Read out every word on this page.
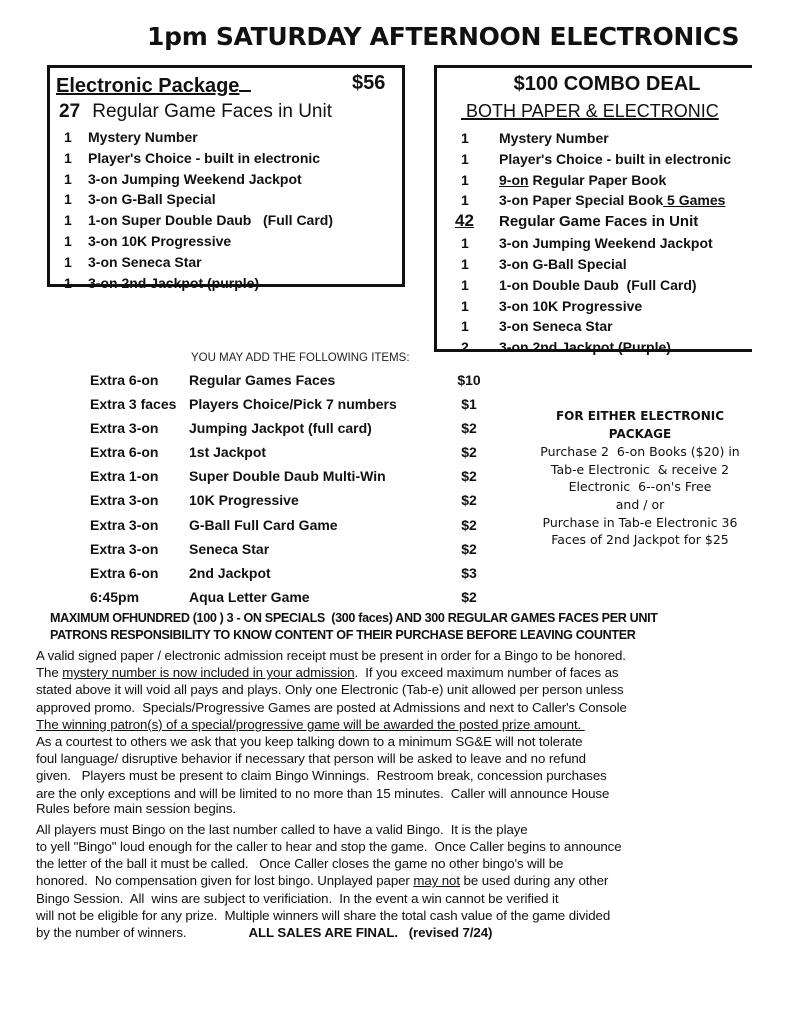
1pm SATURDAY AFTERNOON ELECTRONICS
Electronic Package	$56
27 Regular Game Faces in Unit
1 Mystery Number
1 Player's Choice - built in electronic
1 3-on Jumping Weekend Jackpot
1 3-on G-Ball Special
1 1-on Super Double Daub   (Full Card)
1 3-on 10K Progressive
1 3-on Seneca Star
1 3-on 2nd Jackpot (purple)
$100 COMBO DEAL
BOTH PAPER & ELECTRONIC
1 Mystery Number
1 Player's Choice - built in electronic
1 9-on Regular Paper Book
1 3-on Paper Special Book 5 Games
42 Regular Game Faces in Unit
1 3-on Jumping Weekend Jackpot
1 3-on G-Ball Special
1 1-on Double Daub  (Full Card)
1 3-on 10K Progressive
1 3-on Seneca Star
2 3-on 2nd Jackpot (Purple)
YOU MAY ADD THE FOLLOWING ITEMS:
Extra 6-on Regular Games Faces	$10
Extra 3 faces Players Choice/Pick 7 numbers	$1
Extra 3-on Jumping Jackpot (full card)	$2
Extra 6-on 1st Jackpot	$2
Extra 1-on Super Double Daub Multi-Win	$2
Extra 3-on 10K Progressive	$2
Extra 3-on G-Ball Full Card Game	$2
Extra 3-on Seneca Star	$2
Extra 6-on 2nd Jackpot	$3
6:45pm	Aqua Letter Game	$2
FOR EITHER ELECTRONIC
PACKAGE
Purchase 2  6-on Books ($20) in
Tab-e Electronic  & receive 2
Electronic  6--on's Free
and / or
Purchase in Tab-e Electronic 36
Faces of 2nd Jackpot for $25
MAXIMUM OFHUNDRED (100 ) 3 - ON SPECIALS  (300 faces) AND 300 REGULAR GAMES FACES PER UNIT
PATRONS RESPONSIBILITY TO KNOW CONTENT OF THEIR PURCHASE BEFORE LEAVING COUNTER

A valid signed paper / electronic admission receipt must be present in order for a Bingo to be honored.

The mystery number is now included in your admission.  If you exceed maximum number of faces as

stated above it will void all pays and plays. Only one Electronic (Tab-e) unit allowed per person unless

approved promo.  Specials/Progressive Games are posted at Admissions and next to Caller's Console

The winning patron(s) of a special/progressive game will be awarded the posted prize amount.

As a courtest to others we ask that you keep talking down to a minimum SG&E will not tolerate

foul language/ disruptive behavior if necessary that person will be asked to leave and no refund

given.   Players must be present to claim Bingo Winnings.  Restroom break, concession purchases

are the only exceptions and will be limited to no more than 15 minutes.  Caller will announce House

Rules before main session begins.

All players must Bingo on the last number called to have a valid Bingo.  It is the playe

to yell "Bingo" loud enough for the caller to hear and stop the game.  Once Caller begins to announce

the letter of the ball it must be called.   Once Caller closes the game no other bingo's will be

honored.  No compensation given for lost bingo. Unplayed paper may not be used during any other

Bingo Session.  All  wins are subject to verificiation.  In the event a win cannot be verified it

will not be eligible for any prize.  Multiple winners will share the total cash value of the game divided

by the number of winners.	ALL SALES ARE FINAL.   (revised 7/24)
